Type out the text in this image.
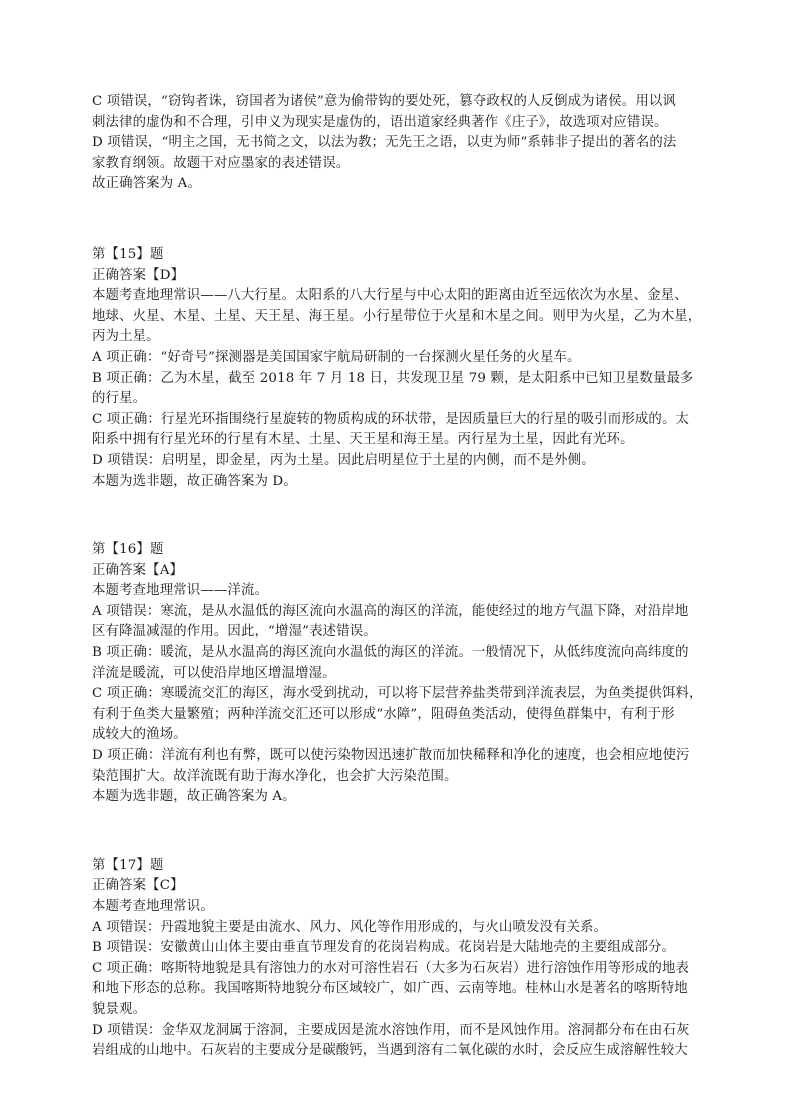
C 项错误，“窃钩者诛，窃国者为诸侯”意为偷带钩的要处死，篡夺政权的人反倒成为诸侯。用以讽
刺法律的虚伪和不合理，引申义为现实是虚伪的，语出道家经典著作《庄子》，故选项对应错误。
D 项错误，“明主之国，无书简之文，以法为教；无先王之语，以吏为师”系韩非子提出的著名的法
家教育纲领。故题干对应墨家的表述错误。
故正确答案为 A。
第【15】题
正确答案【D】
本题考查地理常识——八大行星。太阳系的八大行星与中心太阳的距离由近至远依次为水星、金星、
地球、火星、木星、土星、天王星、海王星。小行星带位于火星和木星之间。则甲为火星，乙为木星，
丙为土星。
A 项正确：“好奇号”探测器是美国国家宇航局研制的一台探测火星任务的火星车。
B 项正确：乙为木星，截至 2018 年 7 月 18 日，共发现卫星 79 颗，是太阳系中已知卫星数量最多
的行星。
C 项正确：行星光环指围绕行星旋转的物质构成的环状带，是因质量巨大的行星的吸引而形成的。太
阳系中拥有行星光环的行星有木星、土星、天王星和海王星。丙行星为土星，因此有光环。
D 项错误：启明星，即金星，丙为土星。因此启明星位于土星的内侧，而不是外侧。
本题为选非题，故正确答案为 D。
第【16】题
正确答案【A】
本题考查地理常识——洋流。
A 项错误：寒流，是从水温低的海区流向水温高的海区的洋流，能使经过的地方气温下降，对沿岸地
区有降温减湿的作用。因此，“增湿”表述错误。
B 项正确：暖流，是从水温高的海区流向水温低的海区的洋流。一般情况下，从低纬度流向高纬度的
洋流是暖流，可以使沿岸地区增温增湿。
C 项正确：寒暖流交汇的海区，海水受到扰动，可以将下层营养盐类带到洋流表层，为鱼类提供饵料，
有利于鱼类大量繁殖；两种洋流交汇还可以形成“水障”，阻碍鱼类活动，使得鱼群集中，有利于形
成较大的渔场。
D 项正确：洋流有利也有弊，既可以使污染物因迅速扩散而加快稀释和净化的速度，也会相应地使污
染范围扩大。故洋流既有助于海水净化，也会扩大污染范围。
本题为选非题，故正确答案为 A。
第【17】题
正确答案【C】
本题考查地理常识。
A 项错误：丹霞地貌主要是由流水、风力、风化等作用形成的，与火山喷发没有关系。
B 项错误：安徽黄山山体主要由垂直节理发育的花岗岩构成。花岗岩是大陆地壳的主要组成部分。
C 项正确：喀斯特地貌是具有溶蚀力的水对可溶性岩石（大多为石灰岩）进行溶蚀作用等形成的地表
和地下形态的总称。我国喀斯特地貌分布区域较广，如广西、云南等地。桂林山水是著名的喀斯特地
貌景观。
D 项错误：金华双龙洞属于溶洞，主要成因是流水溶蚀作用，而不是风蚀作用。溶洞都分布在由石灰
岩组成的山地中。石灰岩的主要成分是碳酸钙，当遇到溶有二氧化碳的水时，会反应生成溶解性较大
